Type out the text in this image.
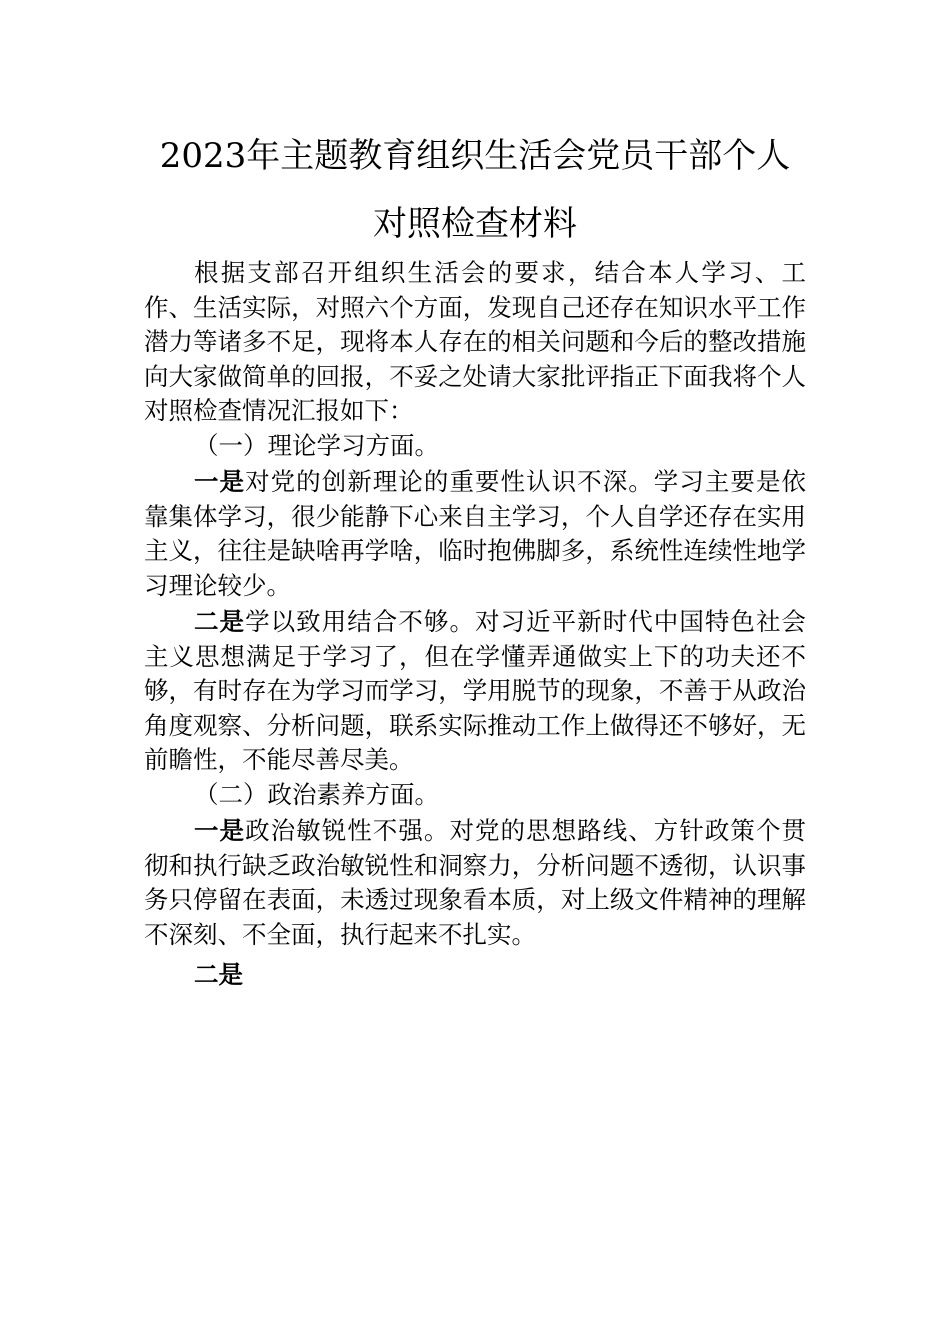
2023年主题教育组织生活会党员干部个人
对照检查材料

根据支部召开组织生活会的要求，结合本人学习、工作、生活实际，对照六个方面，发现自己还存在知识水平工作潜力等诸多不足，现将本人存在的相关问题和今后的整改措施向大家做简单的回报，不妥之处请大家批评指正下面我将个人对照检查情况汇报如下：

（一）理论学习方面。

一是对党的创新理论的重要性认识不深。学习主要是依靠集体学习，很少能静下心来自主学习，个人自学还存在实用主义，往往是缺啥再学啥，临时抱佛脚多，系统性连续性地学习理论较少。

二是学以致用结合不够。对习近平新时代中国特色社会主义思想满足于学习了，但在学懂弄通做实上下的功夫还不够，有时存在为学习而学习，学用脱节的现象，不善于从政治角度观察、分析问题，联系实际推动工作上做得还不够好，无前瞻性，不能尽善尽美。

（二）政治素养方面。

一是政治敏锐性不强。对党的思想路线、方针政策个贯彻和执行缺乏政治敏锐性和洞察力，分析问题不透彻，认识事务只停留在表面，未透过现象看本质，对上级文件精神的理解不深刻、不全面，执行起来不扎实。

二是
